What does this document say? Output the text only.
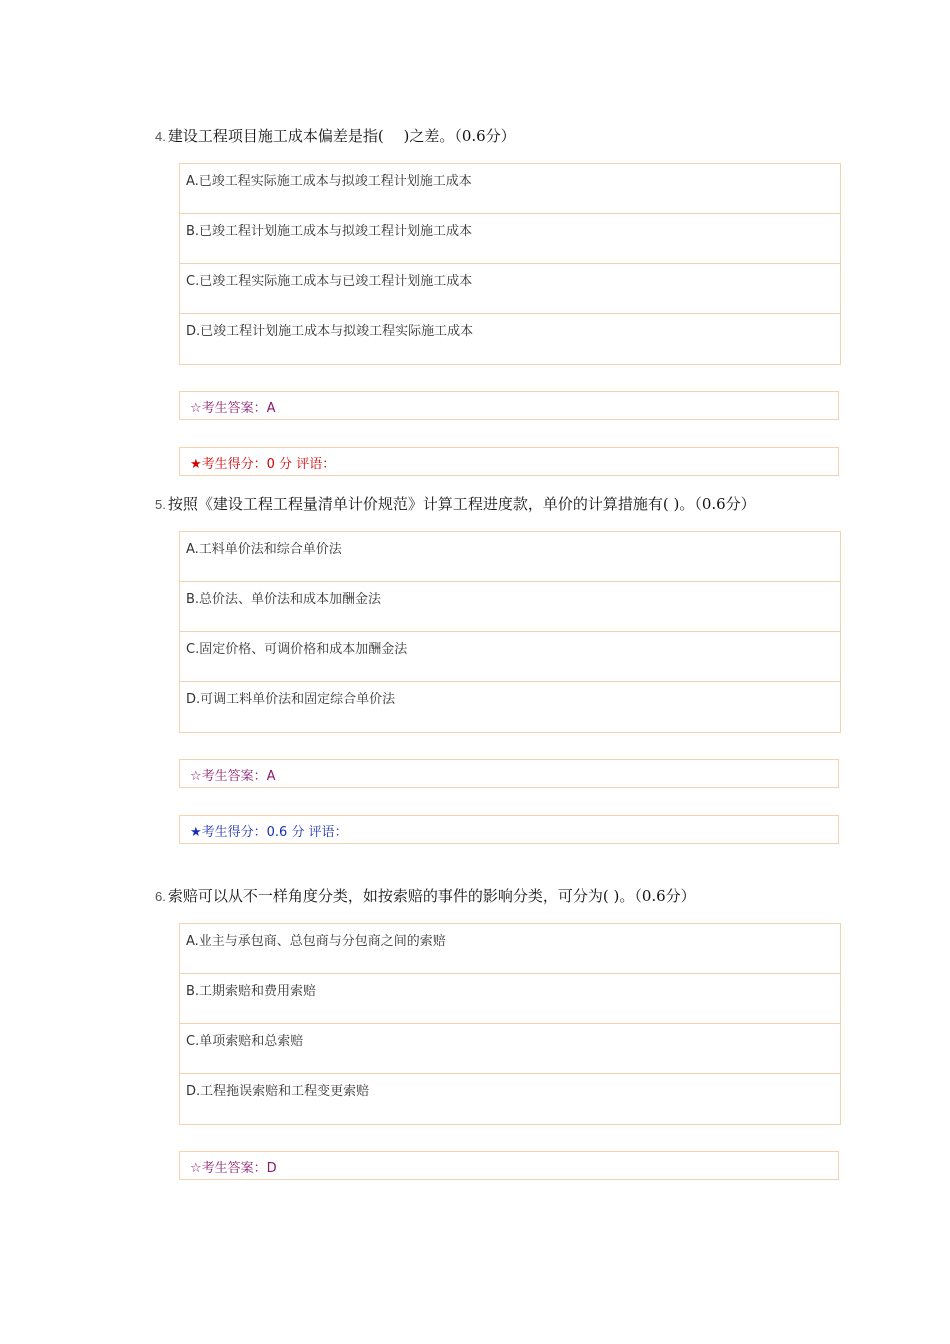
4. 建设工程项目施工成本偏差是指(　 )之差。（0.6分）

A.已竣工程实际施工成本与拟竣工程计划施工成本
B.已竣工程计划施工成本与拟竣工程计划施工成本
C.已竣工程实际施工成本与已竣工程计划施工成本
D.已竣工程计划施工成本与拟竣工程实际施工成本
☆考生答案：A
★考生得分：0 分 评语：

5. 按照《建设工程工程量清单计价规范》计算工程进度款，单价的计算措施有( )。（0.6分）

A.工料单价法和综合单价法
B.总价法、单价法和成本加酬金法
C.固定价格、可调价格和成本加酬金法
D.可调工料单价法和固定综合单价法
☆考生答案：A
★考生得分：0.6 分 评语：

6. 索赔可以从不一样角度分类，如按索赔的事件的影响分类，可分为( )。（0.6分）

A.业主与承包商、总包商与分包商之间的索赔
B.工期索赔和费用索赔
C.单项索赔和总索赔
D.工程拖误索赔和工程变更索赔
☆考生答案：D
